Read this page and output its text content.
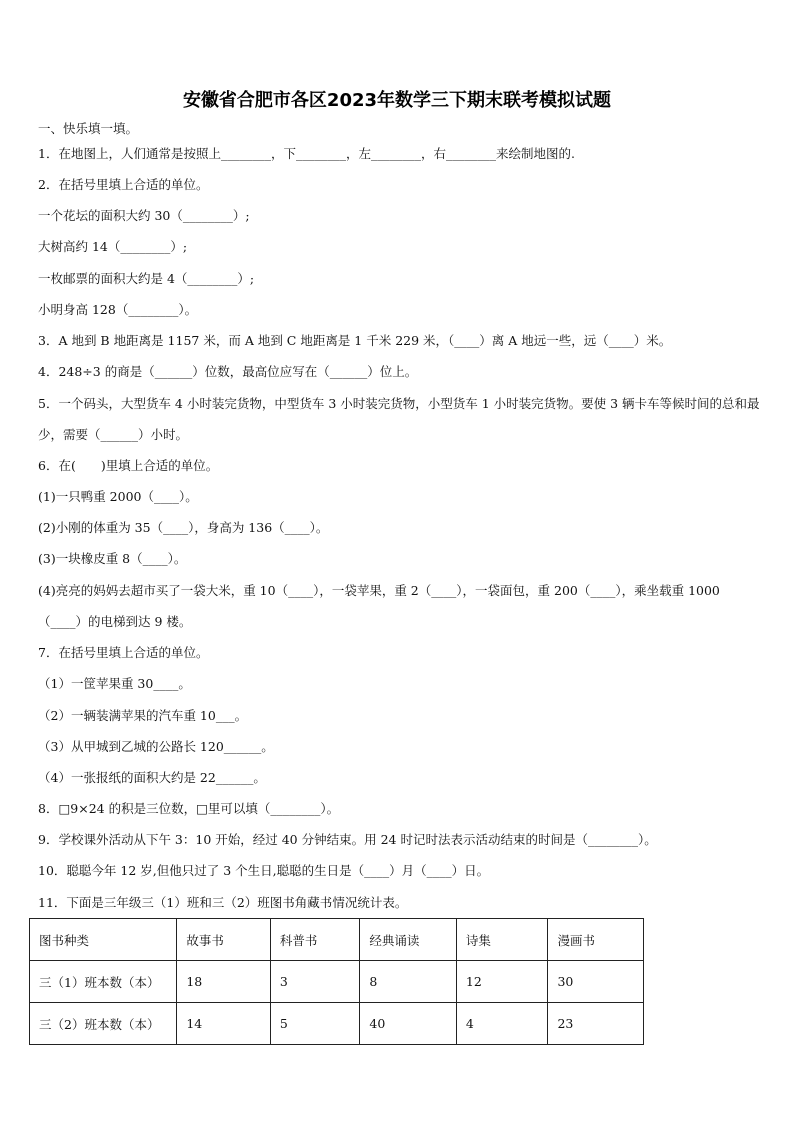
安徽省合肥市各区2023年数学三下期末联考模拟试题
一、快乐填一填。
1．在地图上，人们通常是按照上________，下________，左________，右________来绘制地图的.
2．在括号里填上合适的单位。
一个花坛的面积大约 30（________）;
大树高约 14（________）;
一枚邮票的面积大约是 4（________）;
小明身高 128（________）。
3．A 地到 B 地距离是 1157 米，而 A 地到 C 地距离是 1 千米 229 米，（____）离 A 地远一些，远（____）米。
4．248÷3 的商是（______）位数，最高位应写在（______）位上。
5．一个码头，大型货车 4 小时装完货物，中型货车 3 小时装完货物，小型货车 1 小时装完货物。要使 3 辆卡车等候时间的总和最少，需要（______）小时。
6．在(　　)里填上合适的单位。
(1)一只鸭重 2000（____）。
(2)小刚的体重为 35（____），身高为 136（____）。
(3)一块橡皮重 8（____）。
(4)亮亮的妈妈去超市买了一袋大米，重 10（____），一袋苹果，重 2（____），一袋面包，重 200（____），乘坐载重 1000（____）的电梯到达 9 楼。
7．在括号里填上合适的单位。
（1）一筐苹果重 30____。
（2）一辆装满苹果的汽车重 10___。
（3）从甲城到乙城的公路长 120______。
（4）一张报纸的面积大约是 22______。
8．□9×24 的积是三位数，□里可以填（________）。
9．学校课外活动从下午 3：10 开始，经过 40 分钟结束。用 24 时记时法表示活动结束的时间是（________）。
10．聪聪今年 12 岁,但他只过了 3 个生日,聪聪的生日是（____）月（____）日。
11．下面是三年级三（1）班和三（2）班图书角藏书情况统计表。
图书种类	故事书	科普书	经典诵读	诗集	漫画书
三（1）班本数（本）	18	3	8	12	30
三（2）班本数（本）	14	5	40	4	23
